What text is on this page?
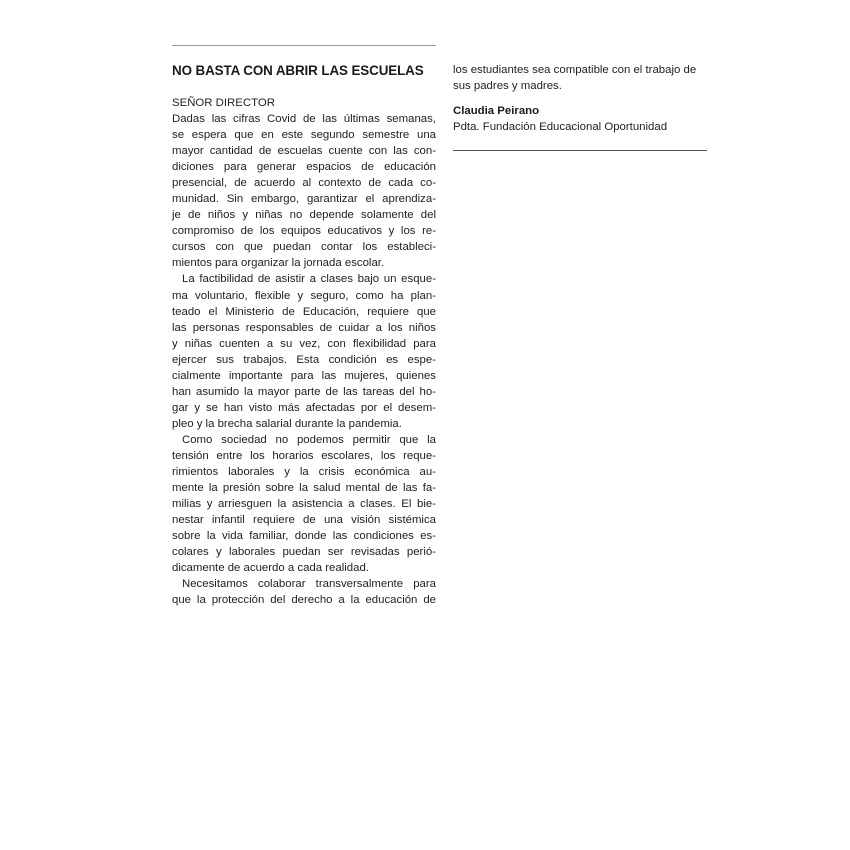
NO BASTA CON ABRIR LAS ESCUELAS
SEÑOR DIRECTOR
Dadas las cifras Covid de las últimas semanas,
se espera que en este segundo semestre una
mayor cantidad de escuelas cuente con las con-
diciones para generar espacios de educación
presencial, de acuerdo al contexto de cada co-
munidad. Sin embargo, garantizar el aprendiza-
je de niños y niñas no depende solamente del
compromiso de los equipos educativos y los re-
cursos con que puedan contar los estableci-
mientos para organizar la jornada escolar.
La factibilidad de asistir a clases bajo un esque-
ma voluntario, flexible y seguro, como ha plan-
teado el Ministerio de Educación, requiere que
las personas responsables de cuidar a los niños
y niñas cuenten a su vez, con flexibilidad para
ejercer sus trabajos. Esta condición es espe-
cialmente importante para las mujeres, quienes
han asumido la mayor parte de las tareas del ho-
gar y se han visto más afectadas por el desem-
pleo y la brecha salarial durante la pandemia.
Como sociedad no podemos permitir que la
tensión entre los horarios escolares, los reque-
rimientos laborales y la crisis económica au-
mente la presión sobre la salud mental de las fa-
milias y arriesguen la asistencia a clases. El bie-
nestar infantil requiere de una visión sistémica
sobre la vida familiar, donde las condiciones es-
colares y laborales puedan ser revisadas perió-
dicamente de acuerdo a cada realidad.
Necesitamos colaborar transversalmente para
que la protección del derecho a la educación de
los estudiantes sea compatible con el trabajo de
sus padres y madres.
Claudia Peirano
Pdta. Fundación Educacional Oportunidad
